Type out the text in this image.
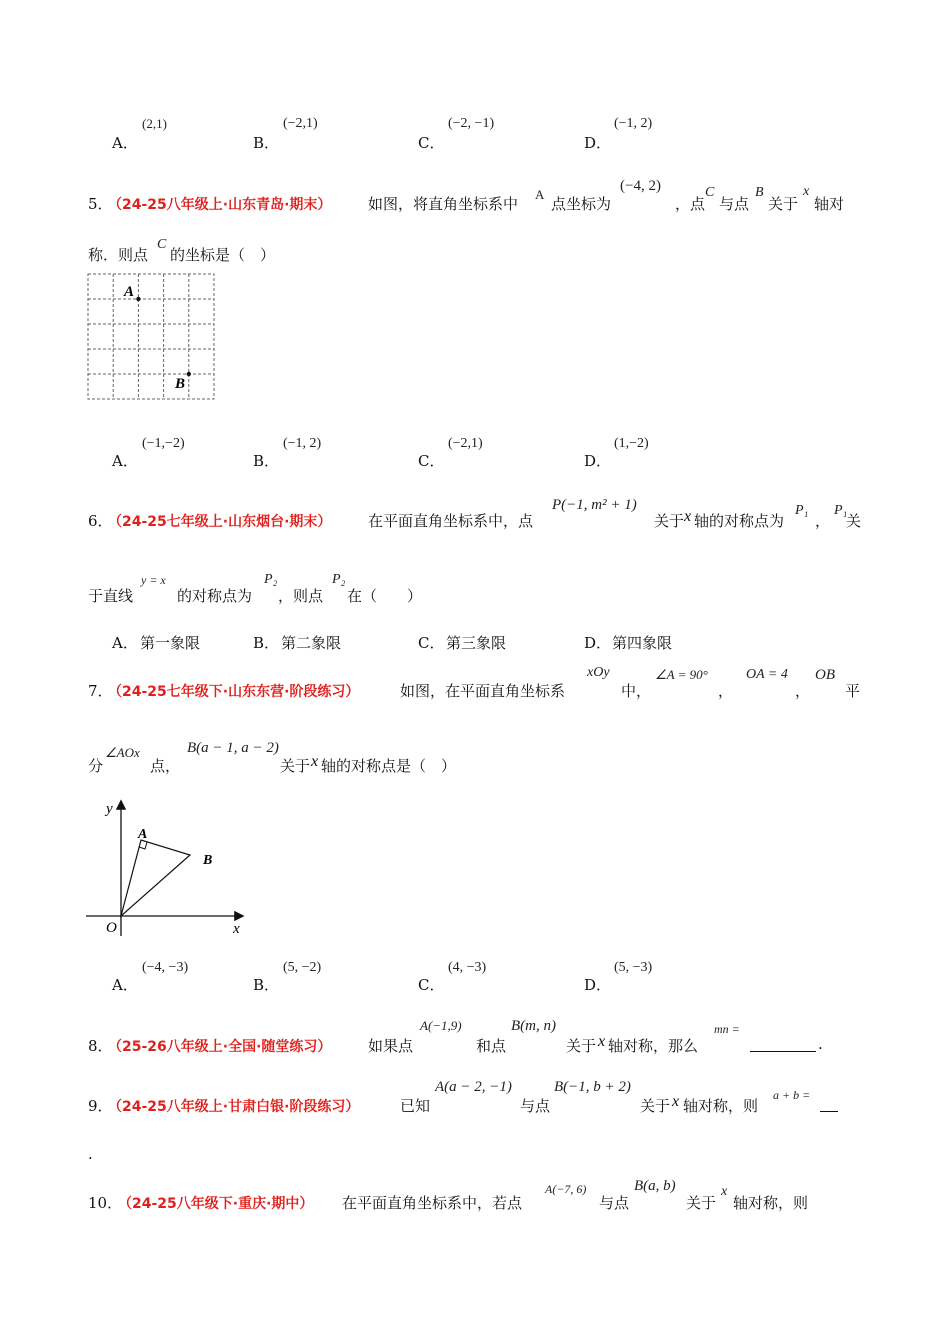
A．
(2,1)
B．
(−2,1)
C．
(−2, −1)
D．
(−1, 2)
5．
（24-25八年级上·山东青岛·期末） 如图，将直角坐标系中
A
点坐标为
(−4, 2)
，点
C
与点
B
关于
x
轴对
称．则点
C
的坐标是（　）
A
B
A．
(−1,−2)
B．
(−1, 2)
C．
(−2,1)
D．
(1,−2)
6．
（24-25七年级上·山东烟台·期末） 在平面直角坐标系中，点
P(−1, m² + 1)
关于 x 轴的对称点为
P₁
，
P₁
关
于直线
y = x
的对称点为
P₂
，则点
P₂
在（　　）
A． 第一象限	B． 第二象限	C． 第三象限	D． 第四象限
7．
（24-25七年级下·山东东营·阶段练习）	如图，在平面直角坐标系
xOy
中，
∠A = 90°
，
OA = 4
，
OB
平
分
∠AOx
点，
B(a − 1, a − 2)
关于 x 轴的对称点是（　）
y
x
O
A
B
A．
(−4, −3)
B．
(5, −2)
C．
(4, −3)
D．
(5, −3)
8．
（25-26八年级上·全国·随堂练习） 如果点
A(−1,9)
和点
B(m, n)
关于 x 轴对称，那么
mn =
.
9．
（24-25八年级上·甘肃白银·阶段练习）	已知
A(a − 2, −1)
与点
B(−1, b + 2)
关于 x 轴对称，则
a + b =
.
10．
（24-25八年级下·重庆·期中） 在平面直角坐标系中，若点
A(−7, 6)
与点
B(a, b)
关于
x
轴对称，则
